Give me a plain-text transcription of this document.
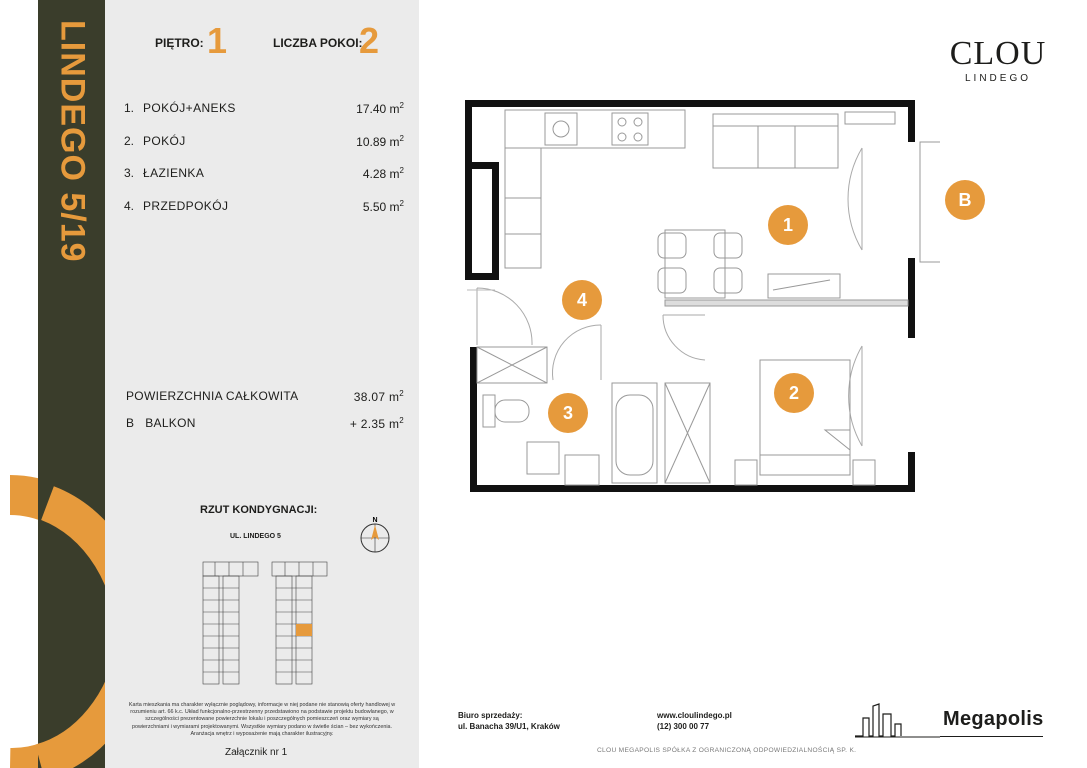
LINDEGO 5/19	PIĘTRO: 1	LICZBA POKOI:
2
1. POKÓJ+ANEKS	17.40 $m^2$
2. POKÓJ	10.89 $m^2$
3. ŁAZIENKA	4.28 $m^2$
4. PRZEDPOKÓJ	5.50 $m^2$
POWIERZCHNIA CAŁKOWITA	38.07 $m^2$
B BALKON	+ 2.35 $m^2$
RZUT KONDYGNACJI:
UL. LINDEGO 5
N

Karta mieszkania ma charakter wyłącznie poglądowy, informacje w niej podane nie stanowią oferty handlowej w rozumieniu art. 66 k.c. Układ funkcjonalno-przestrzenny przedstawiono na podstawie projektu budowlanego, w szczególności prezentowane powierzchnie lokalu i poszczególnych pomieszczeń oraz wymiary są powierzchniami i wymiarami projektowanymi. Wszystkie wymiary podano w świetle ścian – bez wykończenia. Aranżacja wnętrz i wyposażenie mają charakter ilustracyjny.

Załącznik nr 1
1
2
3
4
B
CLOU
LINDEGO
Biuro sprzedaży:
ul. Banacha 39/U1, Kraków
www.cloulindego.pl
(12) 300 00 77
CLOU MEGAPOLIS SPÓŁKA Z OGRANICZONĄ ODPOWIEDZIALNOŚCIĄ SP. K.
Megapolis
